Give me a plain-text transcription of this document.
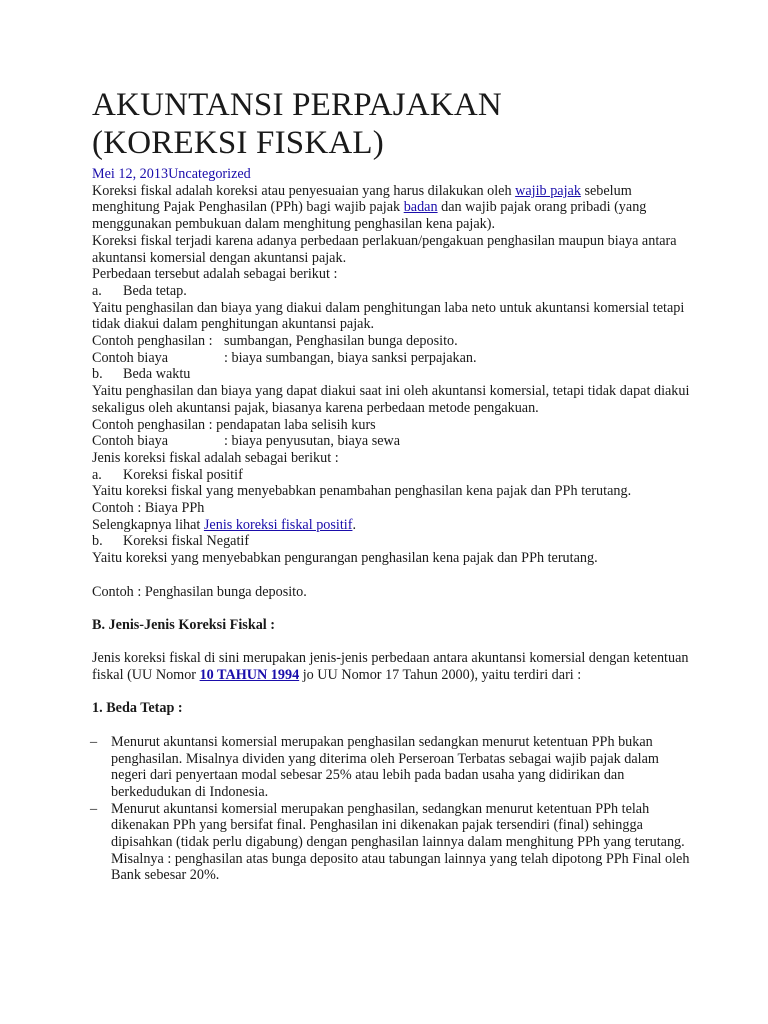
AKUNTANSI PERPAJAKAN
(KOREKSI FISKAL)

Mei 12, 2013Uncategorized

Koreksi fiskal adalah koreksi atau penyesuaian yang harus dilakukan oleh wajib pajak sebelum menghitung Pajak Penghasilan (PPh) bagi wajib pajak badan dan wajib pajak orang pribadi (yang menggunakan pembukuan dalam menghitung penghasilan kena pajak).

Koreksi fiskal terjadi karena adanya perbedaan perlakuan/pengakuan penghasilan maupun biaya antara akuntansi komersial dengan akuntansi pajak.

Perbedaan tersebut adalah sebagai berikut :

a. Beda tetap.

Yaitu penghasilan dan biaya yang diakui dalam penghitungan laba neto untuk akuntansi komersial tetapi tidak diakui dalam penghitungan akuntansi pajak.

Contoh penghasilan : sumbangan, Penghasilan bunga deposito.

Contoh biaya	: biaya sumbangan, biaya sanksi perpajakan.

b. Beda waktu

Yaitu penghasilan dan biaya yang dapat diakui saat ini oleh akuntansi komersial, tetapi tidak dapat diakui sekaligus oleh akuntansi pajak, biasanya karena perbedaan metode pengakuan.

Contoh penghasilan : pendapatan laba selisih kurs

Contoh biaya	: biaya penyusutan, biaya sewa

Jenis koreksi fiskal adalah sebagai berikut :

a. Koreksi fiskal positif

Yaitu koreksi fiskal yang menyebabkan penambahan penghasilan kena pajak dan PPh terutang.

Contoh : Biaya PPh

Selengkapnya lihat Jenis koreksi fiskal positif.

b. Koreksi fiskal Negatif

Yaitu koreksi yang menyebabkan pengurangan penghasilan kena pajak dan PPh terutang.

Contoh : Penghasilan bunga deposito.

B. Jenis-Jenis Koreksi Fiskal :

Jenis koreksi fiskal di sini merupakan jenis-jenis perbedaan antara akuntansi komersial dengan ketentuan fiskal (UU Nomor 10 TAHUN 1994 jo UU Nomor 17 Tahun 2000), yaitu terdiri dari :

1. Beda Tetap :
– Menurut akuntansi komersial merupakan penghasilan sedangkan menurut ketentuan PPh bukan penghasilan. Misalnya dividen yang diterima oleh Perseroan Terbatas sebagai wajib pajak dalam negeri dari penyertaan modal sebesar 25% atau lebih pada badan usaha yang didirikan dan berkedudukan di Indonesia.
– Menurut akuntansi komersial merupakan penghasilan, sedangkan menurut ketentuan PPh telah dikenakan PPh yang bersifat final. Penghasilan ini dikenakan pajak tersendiri (final) sehingga dipisahkan (tidak perlu digabung) dengan penghasilan lainnya dalam menghitung PPh yang terutang. Misalnya : penghasilan atas bunga deposito atau tabungan lainnya yang telah dipotong PPh Final oleh Bank sebesar 20%.
